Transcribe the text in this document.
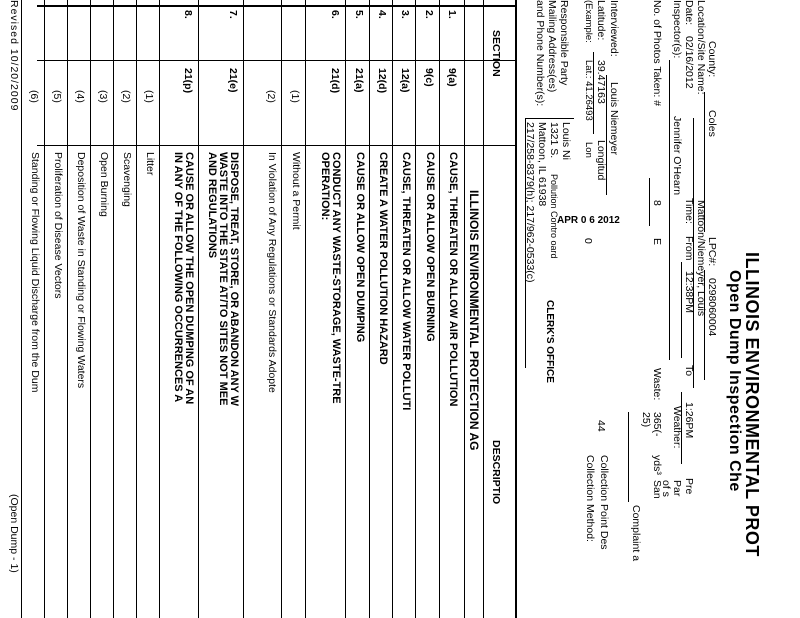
ILLINOIS ENVIRONMENTAL PROT
Open Dump Inspection Che
County:
Coles
LPC#:
0298060004
Location/Site Name:
Mattoon/Niemeyer, Louis
Date:
02/16/2012
Time:
From
12:38PM
To
1:26PM
Pre
Inspector(s):
Jennifer O'Hearn
Weather:
Par
of s
No. of Photos Taken: #
8
E
Waste:
365(-
25)
yds³
San
Complaint a
Interviewed:
Louis Niemeyer
Latitude:
39.47163
Longitud
44
Collection Point Des
(Example:
Lat.: 41.26493
Lon
0
Collection Method:
Responsible Party
Mailing Address(es)
and Phone Number(s):
Louis Ni
1321 S.
Mattoon, IL 61938
217/258-8379(h); 217/962-0533(c) APR 0 6 2012
CLERK'S OFFICE
Pollution Contro oard
SECTION
DESCRIPTIO
ILLINOIS ENVIRONMENTAL PROTECTION AG
1.
9(a)
CAUSE, THREATEN OR ALLOW AIR POLLUTION
2.
9(c)
CAUSE OR ALLOW OPEN BURNING
3.
12(a)
CAUSE, THREATEN OR ALLOW WATER POLLUTI
4.
12(d)
CREATE A WATER POLLUTION HAZARD
5.
21(a)
CAUSE OR ALLOW OPEN DUMPING
6.
21(d)
CONDUCT ANY WASTE-STORAGE, WASTE-TRE
OPERATION:
(1)
Without a Permit
(2)
In Violation of Any Regulations or Standards Adopte
7.
21(e)
DISPOSE, TREAT, STORE, OR ABANDON ANY W
WASTE INTO THE STATE AT/TO SITES NOT MEE
AND REGULATIONS
8.
21(p)
CAUSE OR ALLOW THE OPEN DUMPING OF AN
IN ANY OF THE FOLLOWING OCCURRENCES A
(1)
Litter
(2)
Scavenging
(3)
Open Burning
(4)
Deposition of Waste in Standing or Flowing Waters
(5)
Proliferation of Disease Vectors
(6)
Standing or Flowing Liquid Discharge from the Dum
Revised 10/20/2009
(Open Dump - 1)
